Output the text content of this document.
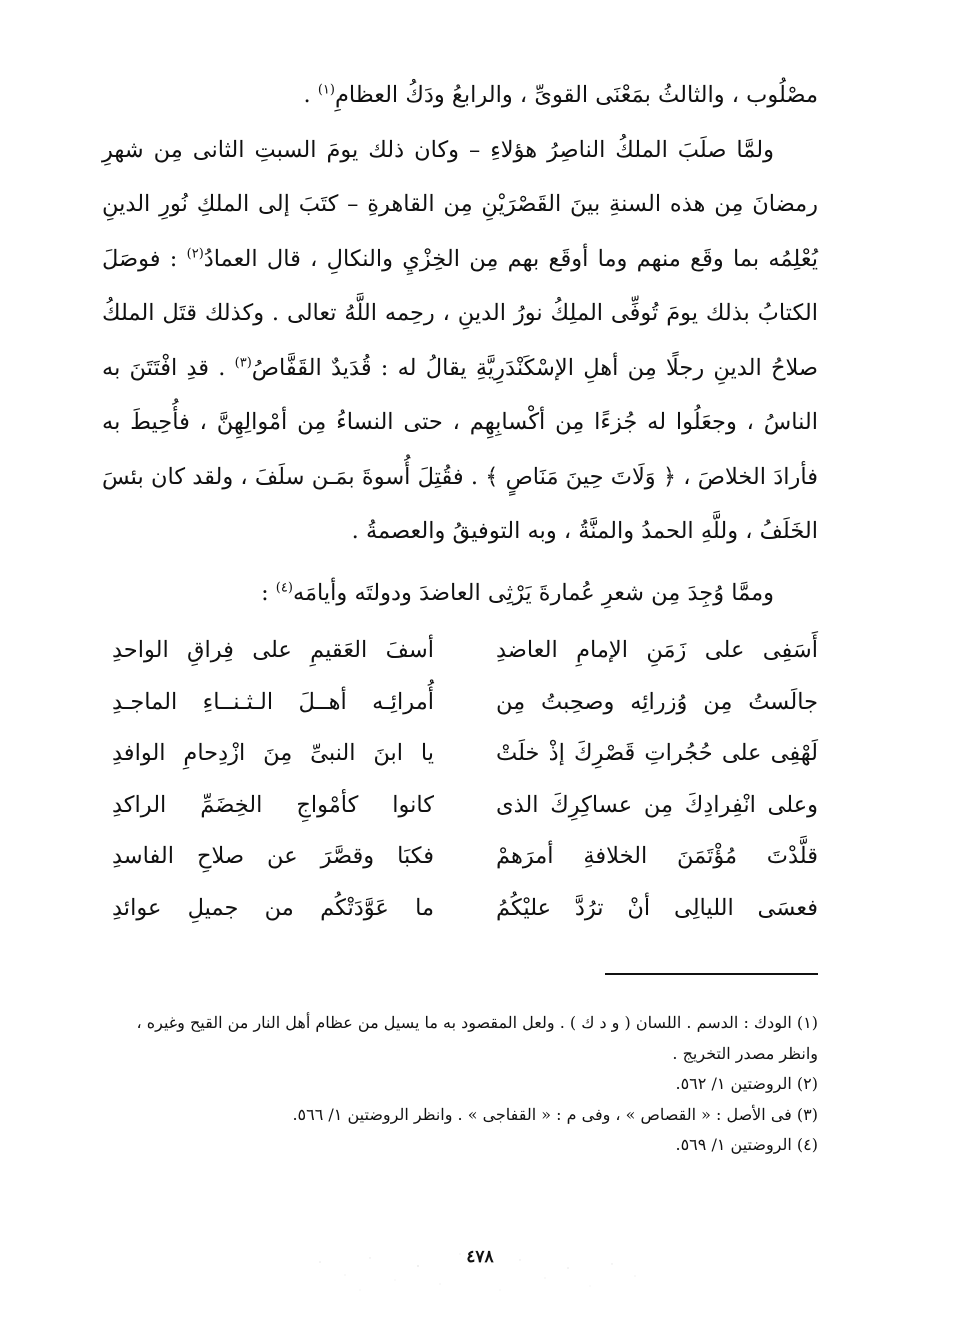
مصْلُوب ، والثالثُ بمَعْنَى القوىِّ ، والرابعُ ودَكُ العظامِ$^{(١)}$ .

ولمَّا صلَبَ الملكُ الناصِرُ هؤلاءِ – وكان ذلك يومَ السبتِ الثانى مِن شهرِ رمضانَ مِن هذه السنةِ بينَ القَصْرَيْنِ مِن القاهرةِ – كتَبَ إلى الملكِ نُورِ الدينِ يُعْلِمُه بما وقَع منهم وما أوقَع بهم مِن الخِزْيِ والنكالِ ، قال العمادُ$^{(٢)}$ : فوصَلَ الكتابُ بذلك يومَ تُوفِّى الملِكُ نورُ الدينِ ، رحِمه اللَّهُ تعالى . وكذلك قتَل الملكُ صلاحُ الدينِ رجلًا مِن أهلِ الإسْكَنْدَرِيَّةِ يقالُ له : قُدَيدٌ القَفَّاصُ$^{(٣)}$ . قدِ افْتَتَنَ به الناسُ ، وجعَلُوا له جُزءًا مِن أكْسابِهِم ، حتى النساءُ مِن أمْوالِهِنَّ ، فأُحِيطَ به فأرادَ الخلاصَ ، ﴿ وَلَاتَ حِينَ مَنَاصٍ ﴾ . فقُتِلَ أُسوةَ بمَـن سلَفَ ، ولقد كان بئسَ الخَلَفُ ، وللَّهِ الحمدُ والمنَّةُ ، وبه التوفيقُ والعصمةُ .

وممَّا وُجِدَ مِن شعرِ عُمارةَ يَرْثِى العاضدَ ودولتَه وأيامَه$^{(٤)}$ :
أَسَفِى على زَمَنِ الإمامِ العاضدِ
أسفَ العَقيمِ على فِراقِ الواحدِ
جالَستُ مِن وُزرائِه وصحِبتُ مِن
أُمرائِـه أهــلَ الـثـنــاءِ الماجـدِ
لَهْفِى على حُجُراتِ قَصْرِكَ إذْ خلَتْ
يا ابنَ النبىِّ مِنَ ازْدِحامِ الوافدِ
وعلى انْفِرادِكَ مِن عساكِرِكَ الذى
كانوا كأمْواجِ الخِضَمِّ الراكدِ
قلَّدْتَ مُؤْتَمَنَ الخلافةِ أمرَهمْ
فكبَا وقصَّرَ عن صلاحِ الفاسدِ
فعسَى الليالِى أنْ ترُدَّ عليْكُمُ
ما عَوَّدَتْكُم من جميلِ عوائدِ

(١) الودك : الدسم . اللسان ( و د ك ) . ولعل المقصود به ما يسيل من عظام أهل النار من القيح وغيره ، وانظر مصدر التخريج .

(٢) الروضتين ١/ ٥٦٢.

(٣) فى الأصل : « القصاص » ، وفى م : « القفاجى » . وانظر الروضتين ١/ ٥٦٦.

(٤) الروضتين ١/ ٥٦٩.

٤٧٨
